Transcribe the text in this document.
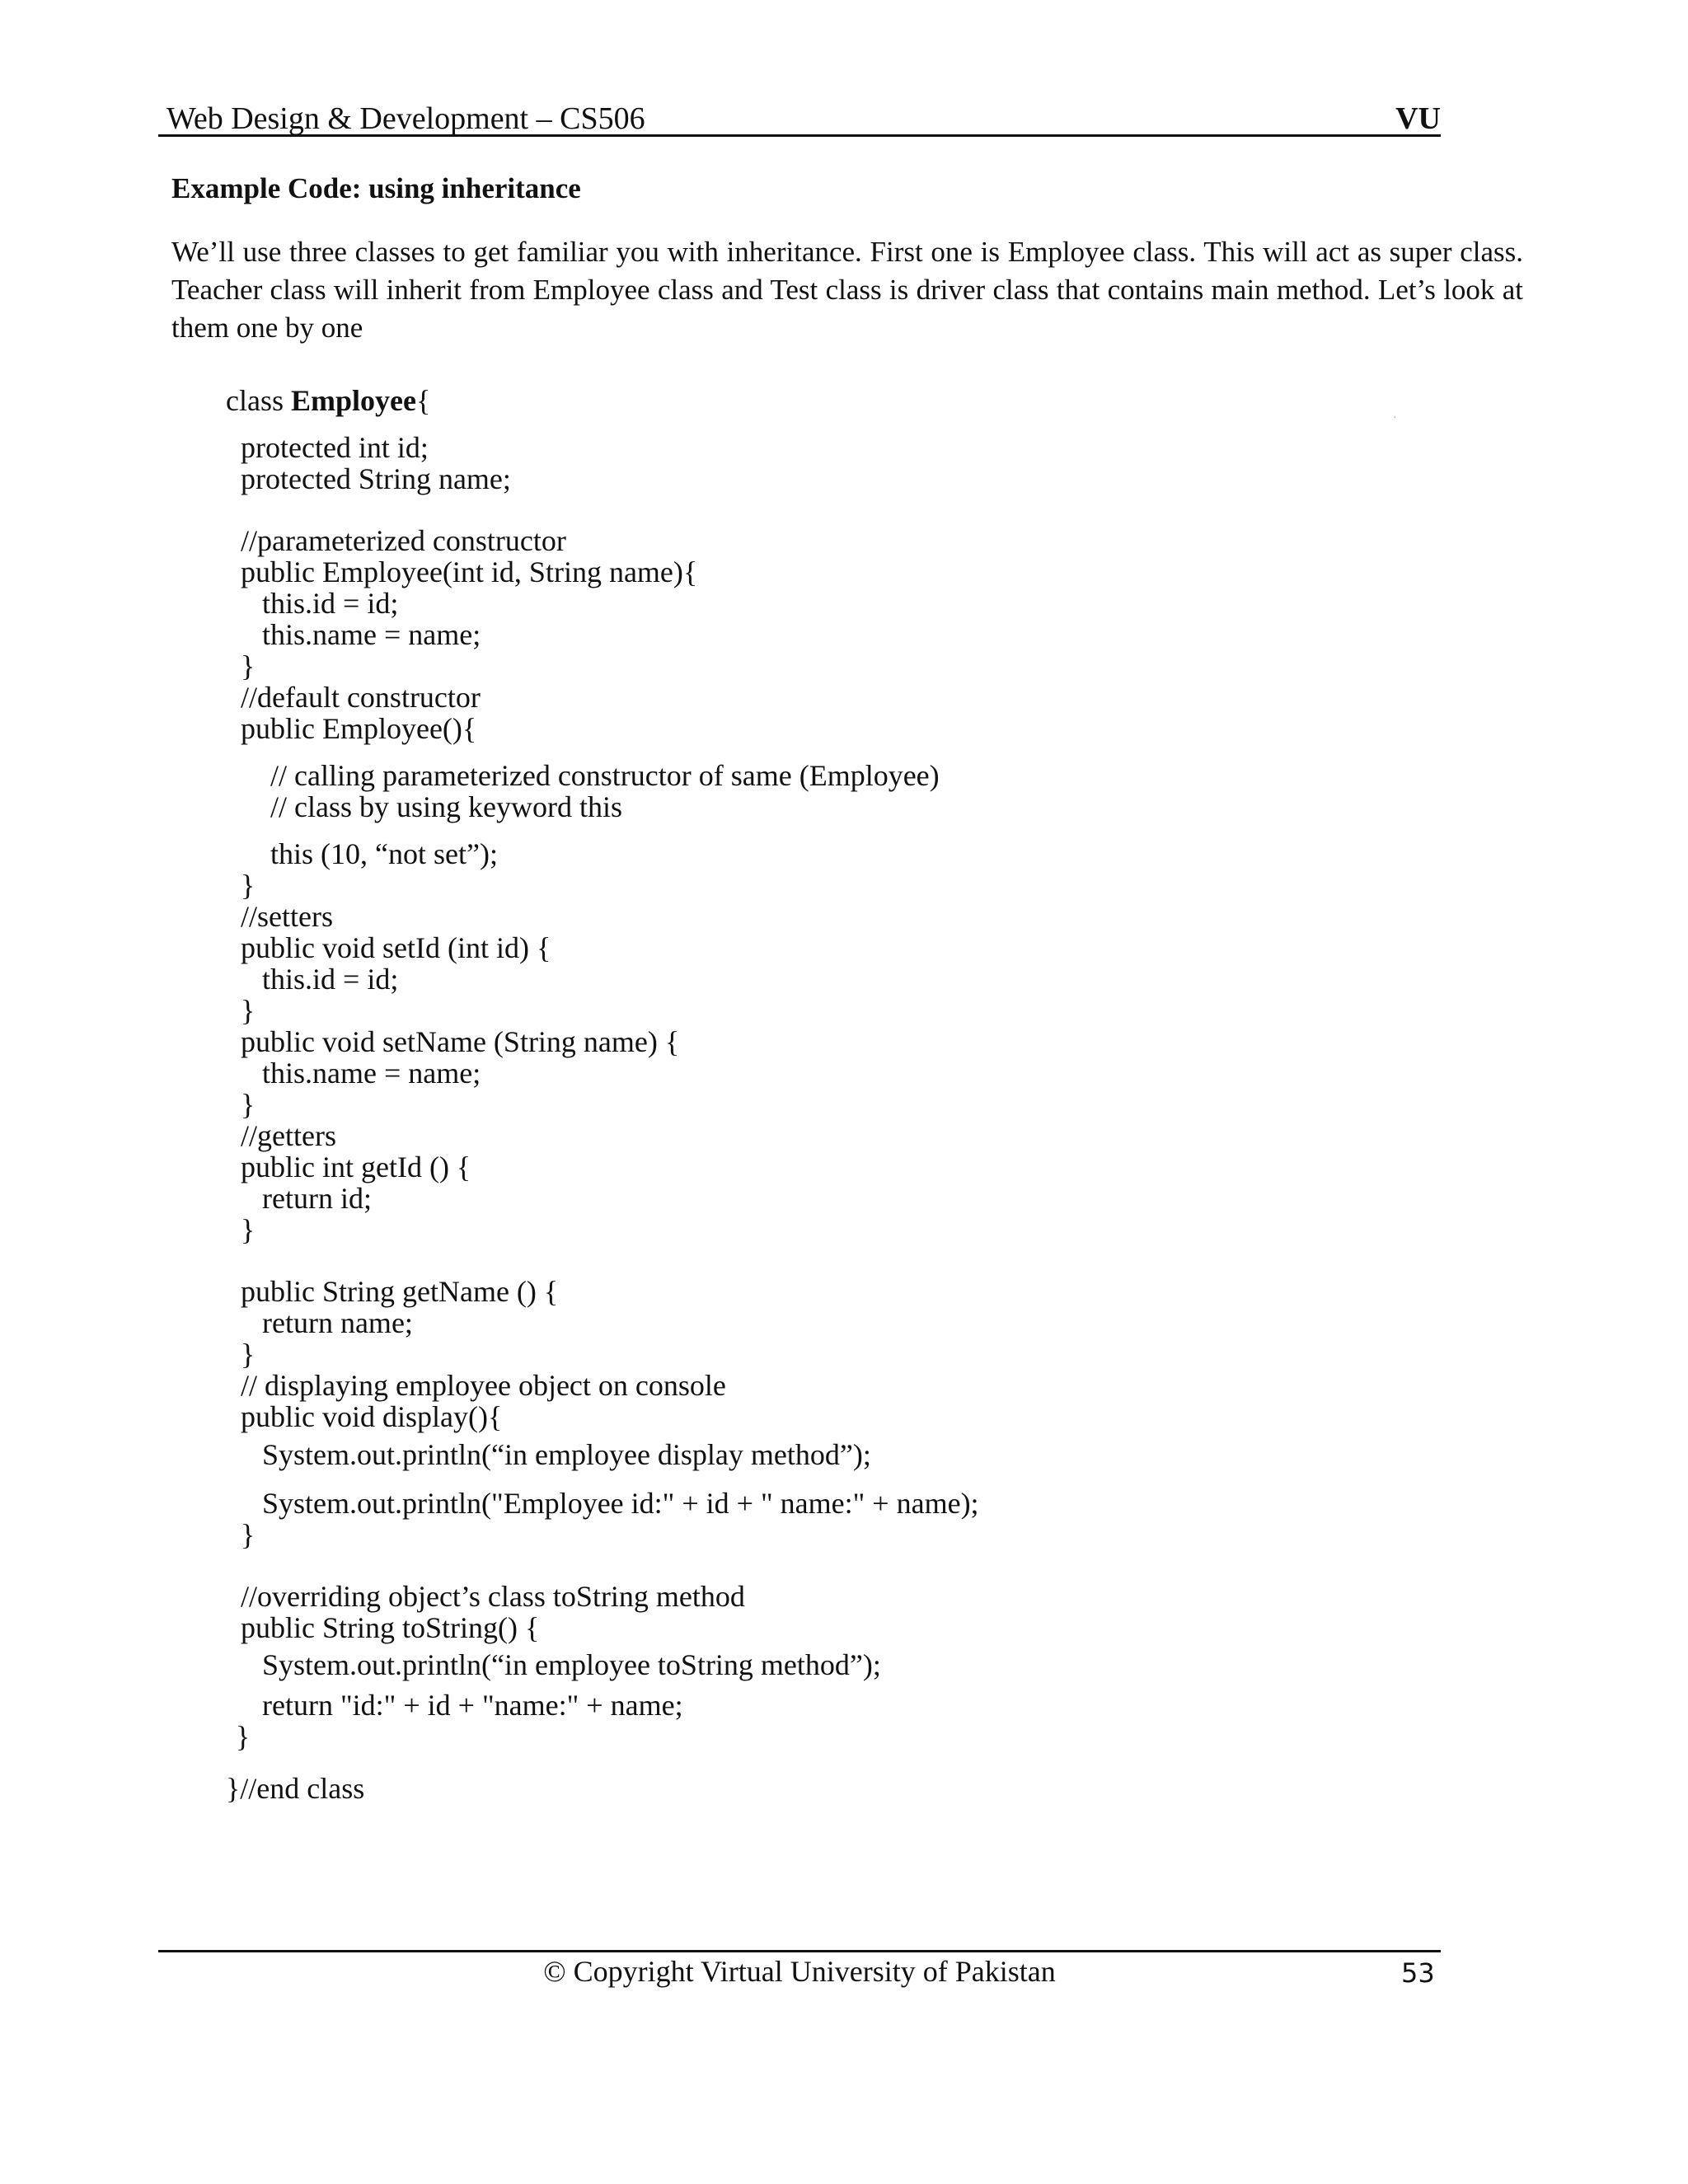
Web Design & Development – CS506	VU
Example Code: using inheritance
We’ll use three classes to get familiar you with inheritance. First one is Employee class. This will act as super class. Teacher class will inherit from Employee class and Test class is driver class that contains main method. Let’s look at them one by one
class Employee{
protected int id;
protected String name;
//parameterized constructor
public Employee(int id, String name){
this.id = id;
this.name = name;
}
//default constructor
public Employee(){
// calling parameterized constructor of same (Employee)
// class by using keyword this
this (10, “not set”);
}
//setters
public void setId (int id) {
this.id = id;
}
public void setName (String name) {
this.name = name;
}
//getters
public int getId () {
return id;
}
public String getName () {
return name;
}
// displaying employee object on console
public void display(){
System.out.println(“in employee display method”);
System.out.println("Employee id:" + id + " name:" + name);
}
//overriding object’s class toString method
public String toString() {
System.out.println(“in employee toString method”);
return "id:" + id + "name:" + name;
}
}//end class
·
© Copyright Virtual University of Pakistan	53
